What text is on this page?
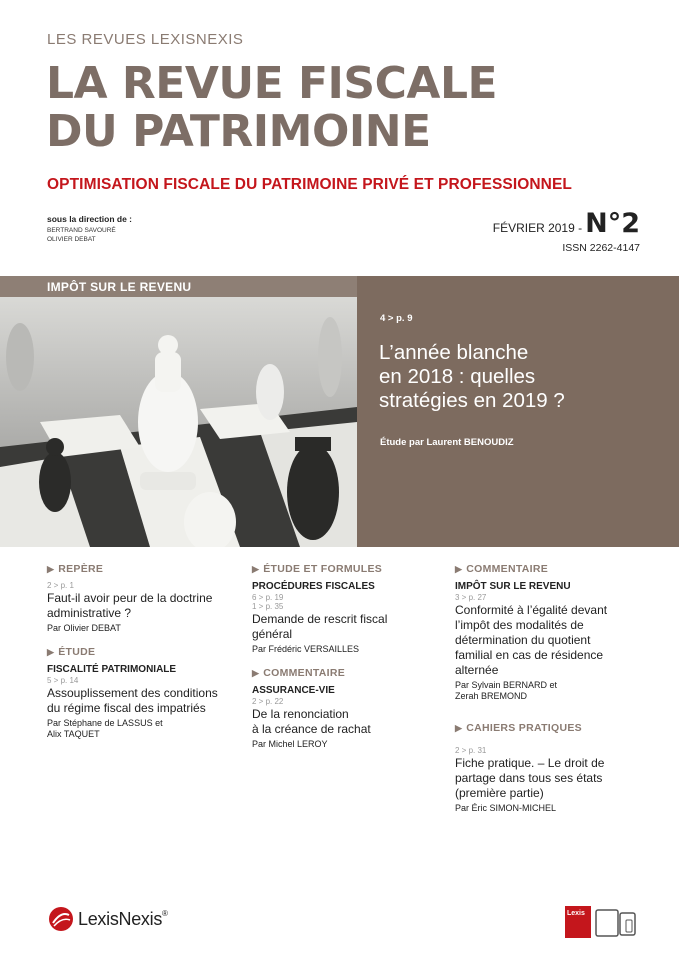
LES REVUES LEXISNEXIS
LA REVUE FISCALE
DU PATRIMOINE
OPTIMISATION FISCALE DU PATRIMOINE PRIVÉ ET PROFESSIONNEL
sous la direction de :
BERTRAND SAVOURÉ
OLIVIER DEBAT
FÉVRIER 2019 - N°2
ISSN 2262-4147
IMPÔT SUR LE REVENU
4 > p. 9
L’année blanche
en 2018 : quelles
stratégies en 2019 ?
Étude par Laurent BENOUDIZ
▶ REPÈRE
2 > p. 1
Faut-il avoir peur de la doctrine
administrative ?
Par Olivier DEBAT
▶ ÉTUDE
FISCALITÉ PATRIMONIALE
5 > p. 14
Assouplissement des conditions
du régime fiscal des impatriés
Par Stéphane de LASSUS et
Alix TAQUET
▶ ÉTUDE ET FORMULES
PROCÉDURES FISCALES
6 > p. 19
1 > p. 35
Demande de rescrit fiscal
général
Par Frédéric VERSAILLES
▶ COMMENTAIRE
ASSURANCE-VIE
2 > p. 22
De la renonciation
à la créance de rachat
Par Michel LEROY
▶ COMMENTAIRE
IMPÔT SUR LE REVENU
3 > p. 27
Conformité à l’égalité devant
l’impôt des modalités de
détermination du quotient
familial en cas de résidence
alternée
Par Sylvain BERNARD et
Zerah BREMOND
▶ CAHIERS PRATIQUES
2 > p. 31
Fiche pratique. – Le droit de
partage dans tous ses états
(première partie)
Par Éric SIMON-MICHEL
LexisNexis®	Lexis
